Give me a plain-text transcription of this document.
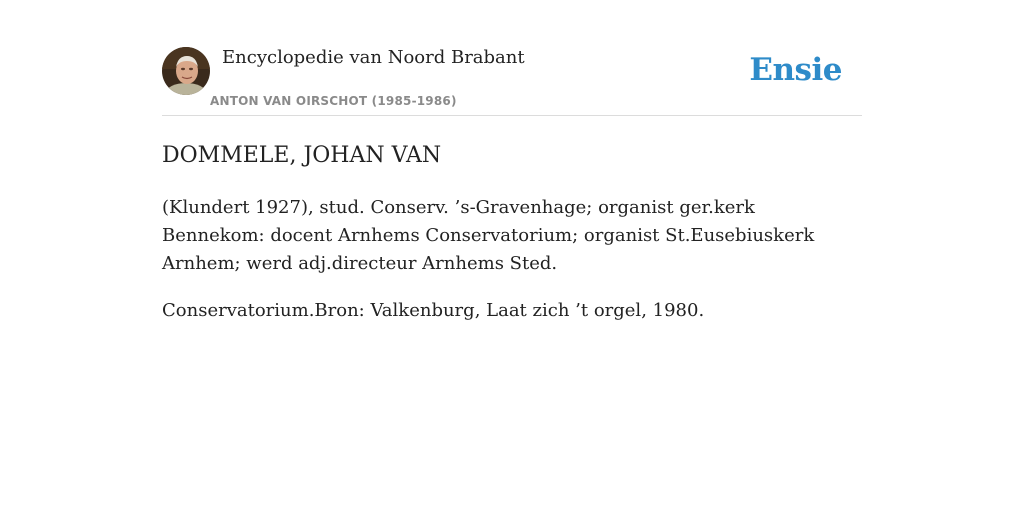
Encyclopedie van Noord Brabant
ANTON VAN OIRSCHOT (1985-1986)
Ensie
DOMMELE, JOHAN VAN

(Klundert 1927), stud. Conserv. ’s-Gravenhage; organist ger.kerk Bennekom: docent Arnhems Conservatorium; organist St.Eusebiuskerk Arnhem; werd adj.directeur Arnhems Sted.

Conservatorium.Bron: Valkenburg, Laat zich ’t orgel, 1980.
